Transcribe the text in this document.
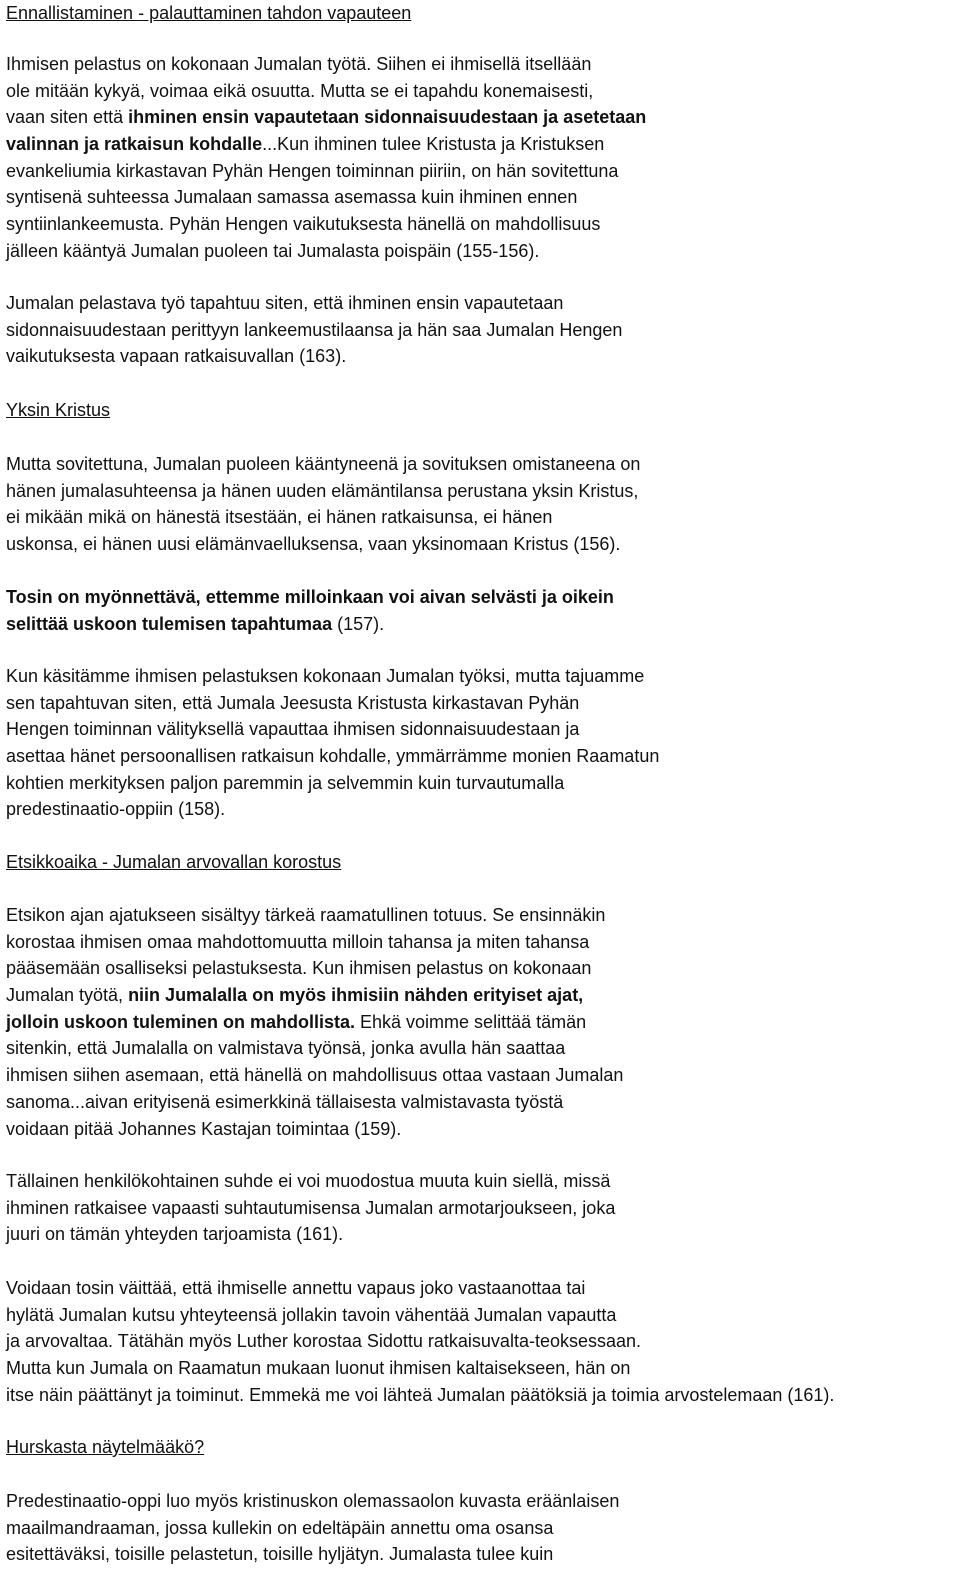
Ennallistaminen - palauttaminen tahdon vapauteen
Ihmisen pelastus on kokonaan Jumalan työtä. Siihen ei ihmisellä itsellään
ole mitään kykyä, voimaa eikä osuutta. Mutta se ei tapahdu konemaisesti,
vaan siten että ihminen ensin vapautetaan sidonnaisuudestaan ja asetetaan
valinnan ja ratkaisun kohdalle...Kun ihminen tulee Kristusta ja Kristuksen
evankeliumia kirkastavan Pyhän Hengen toiminnan piiriin, on hän sovitettuna
syntisenä suhteessa Jumalaan samassa asemassa kuin ihminen ennen
syntiinlankeemusta. Pyhän Hengen vaikutuksesta hänellä on mahdollisuus
jälleen kääntyä Jumalan puoleen tai Jumalasta poispäin (155-156).
Jumalan pelastava työ tapahtuu siten, että ihminen ensin vapautetaan
sidonnaisuudestaan perittyyn lankeemustilaansa ja hän saa Jumalan Hengen
vaikutuksesta vapaan ratkaisuvallan (163).
Yksin Kristus
Mutta sovitettuna, Jumalan puoleen kääntyneenä ja sovituksen omistaneena on
hänen jumalasuhteensa ja hänen uuden elämäntilansa perustana yksin Kristus,
ei mikään mikä on hänestä itsestään, ei hänen ratkaisunsa, ei hänen
uskonsa, ei hänen uusi elämänvaelluksensa, vaan yksinomaan Kristus (156).
Tosin on myönnettävä, ettemme milloinkaan voi aivan selvästi ja oikein
selittää uskoon tulemisen tapahtumaa (157).
Kun käsitämme ihmisen pelastuksen kokonaan Jumalan työksi, mutta tajuamme
sen tapahtuvan siten, että Jumala Jeesusta Kristusta kirkastavan Pyhän
Hengen toiminnan välityksellä vapauttaa ihmisen sidonnaisuudestaan ja
asettaa hänet persoonallisen ratkaisun kohdalle, ymmärrämme monien Raamatun
kohtien merkityksen paljon paremmin ja selvemmin kuin turvautumalla
predestinaatio-oppiin (158).
Etsikkoaika - Jumalan arvovallan korostus
Etsikon ajan ajatukseen sisältyy tärkeä raamatullinen totuus. Se ensinnäkin
korostaa ihmisen omaa mahdottomuutta milloin tahansa ja miten tahansa
pääsemään osalliseksi pelastuksesta. Kun ihmisen pelastus on kokonaan
Jumalan työtä, niin Jumalalla on myös ihmisiin nähden erityiset ajat,
jolloin uskoon tuleminen on mahdollista. Ehkä voimme selittää tämän
sitenkin, että Jumalalla on valmistava työnsä, jonka avulla hän saattaa
ihmisen siihen asemaan, että hänellä on mahdollisuus ottaa vastaan Jumalan
sanoma...aivan erityisenä esimerkkinä tällaisesta valmistavasta työstä
voidaan pitää Johannes Kastajan toimintaa (159).
Tällainen henkilökohtainen suhde ei voi muodostua muuta kuin siellä, missä
ihminen ratkaisee vapaasti suhtautumisensa Jumalan armotarjoukseen, joka
juuri on tämän yhteyden tarjoamista (161).
Voidaan tosin väittää, että ihmiselle annettu vapaus joko vastaanottaa tai
hylätä Jumalan kutsu yhteyteensä jollakin tavoin vähentää Jumalan vapautta
ja arvovaltaa. Tätähän myös Luther korostaa Sidottu ratkaisuvalta-teoksessaan.
Mutta kun Jumala on Raamatun mukaan luonut ihmisen kaltaisekseen, hän on
itse näin päättänyt ja toiminut. Emmekä me voi lähteä Jumalan päätöksiä ja toimia arvostelemaan (161).
Hurskasta näytelmääkö?
Predestinaatio-oppi luo myös kristinuskon olemassaolon kuvasta eräänlaisen
maailmandraaman, jossa kullekin on edeltäpäin annettu oma osansa
esitettäväksi, toisille pelastetun, toisille hyljätyn. Jumalasta tulee kuin
